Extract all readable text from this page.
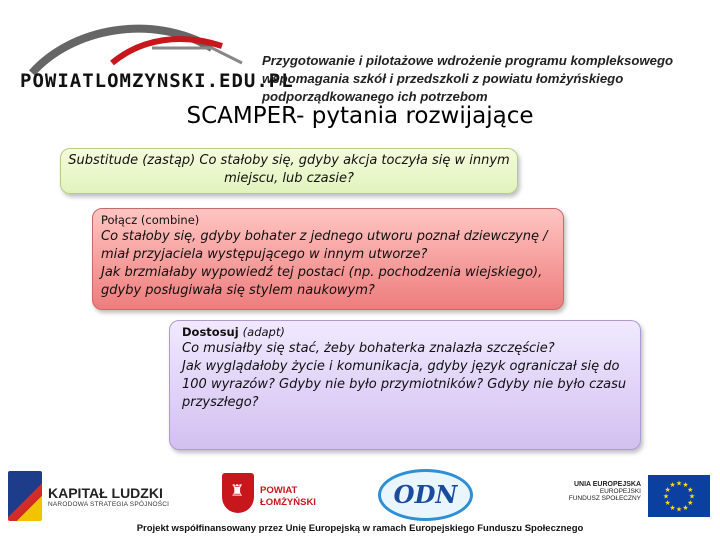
POWIATLOMZYNSKI.EDU.PL
Przygotowanie i pilotażowe wdrożenie programu kompleksowego wspomagania szkół i przedszkoli z powiatu łomżyńskiego podporządkowanego ich potrzebom
SCAMPER- pytania rozwijające
Substitude (zastąp) Co stałoby się, gdyby akcja toczyła się w innym miejscu, lub czasie?
Połącz (combine)
Co stałoby się, gdyby bohater z jednego utworu poznał dziewczynę /
miał przyjaciela występującego w innym utworze?
Jak brzmiałaby wypowiedź tej postaci (np. pochodzenia wiejskiego),
gdyby posługiwała się stylem naukowym?
Dostosuj (adapt)
Co musiałby się stać, żeby bohaterka znalazła szczęście?
Jak wyglądałoby życie i komunikacja, gdyby język ograniczał się do
100 wyrazów? Gdyby nie było przymiotników? Gdyby nie było czasu
przyszłego?
KAPITAŁ LUDZKI
NARODOWA STRATEGIA SPÓJNOŚCI
♜ POWIAT
ŁOMŻYŃSKI	ODN	UNIA EUROPEJSKA
EUROPEJSKI
FUNDUSZ SPOŁECZNY	★
★
★
★
★
★
★
★
★ ★ ★
★
Projekt współfinansowany przez Unię Europejską w ramach Europejskiego Funduszu Społecznego
